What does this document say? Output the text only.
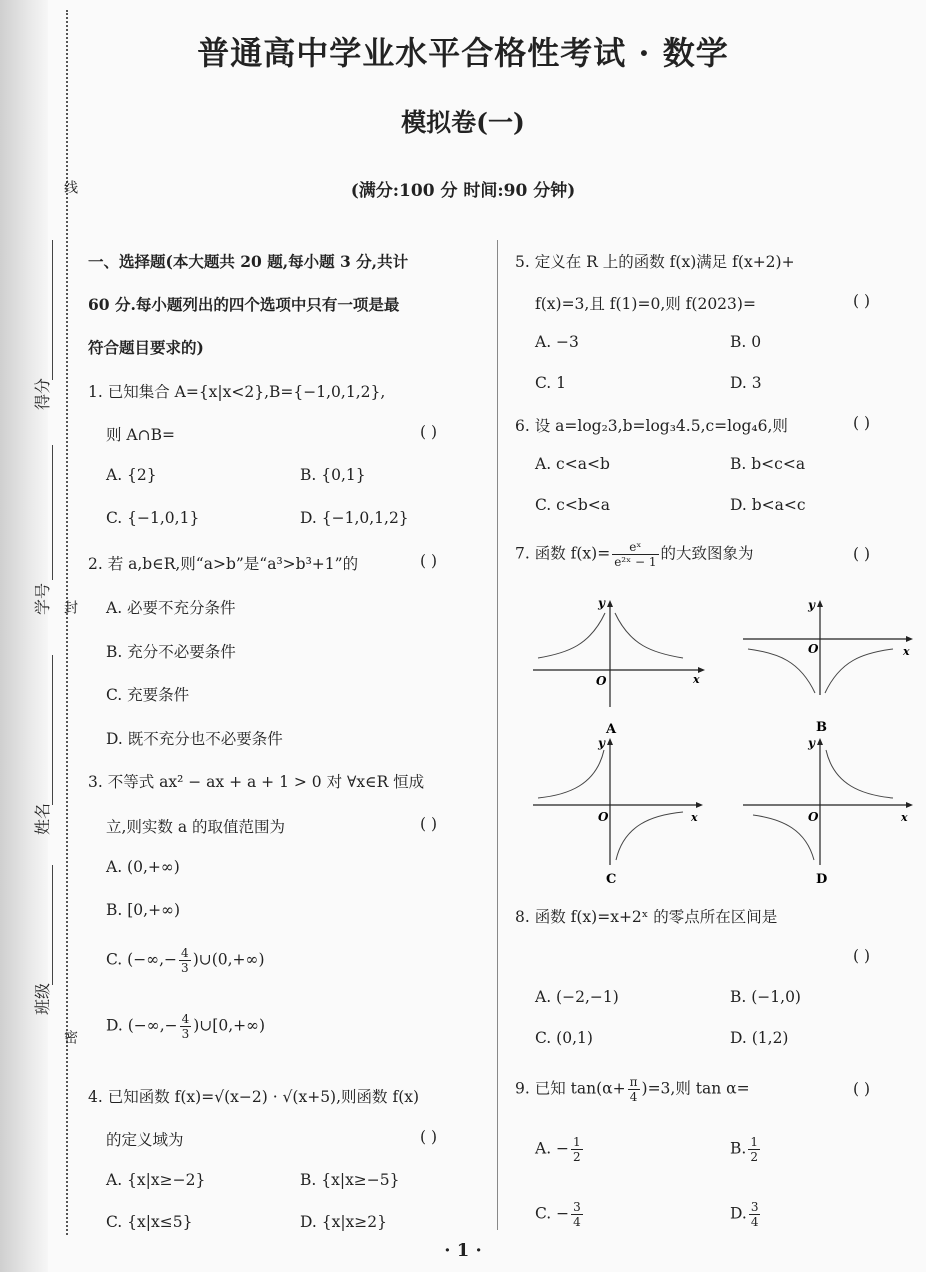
线
封
密
得分
学号
姓名
班级
普通高中学业水平合格性考试 · 数学
模拟卷(一)
(满分:100 分 时间:90 分钟)
一、选择题(本大题共 20 题,每小题 3 分,共计
60 分.每小题列出的四个选项中只有一项是最
符合题目要求的)
1. 已知集合 A={x|x<2},B={−1,0,1,2},
则 A∩B=	( )
A. {2}	B. {0,1}
C. {−1,0,1}	D. {−1,0,1,2}
2. 若 a,b∈R,则“a>b”是“a³>b³+1”的	( )
A. 必要不充分条件
B. 充分不必要条件
C. 充要条件
D. 既不充分也不必要条件
3. 不等式 ax² − ax + a + 1 > 0 对 ∀x∈R 恒成
立,则实数 a 的取值范围为	( )
A. (0,+∞)
B. [0,+∞)
C. (−∞,− $\frac{4}{3}$ )∪(0,+∞)
D. (−∞,− $\frac{4}{3}$ )∪[0,+∞)
4. 已知函数 f(x)=√(x−2) · √(x+5),则函数 f(x)
的定义域为	( )
A. {x|x≥−2}	B. {x|x≥−5}
C. {x|x≤5}	D. {x|x≥2}
5. 定义在 R 上的函数 f(x)满足 f(x+2)+
f(x)=3,且 f(1)=0,则 f(2023)=	( )
A. −3	B. 0
C. 1	D. 3
6. 设 a=log₂3,b=log₃4.5,c=log₄6,则	( )
A. c<a<b	B. b<c<a
C. c<b<a	D. b<a<c
7. 函数 $f(x)= \frac{\text{eˣ}}{\text{e²ˣ − 1}}$ 的大致图象为	( )
8. 函数 f(x)=x+2ˣ 的零点所在区间是
( )
A. (−2,−1)	B. (−1,0)
C. (0,1)	D. (1,2)
9. 已知 $\tan(\alpha+ \frac{\pi}{4} )=3$,则 tan α=	( )
A. − $\frac{1}{2}$	B. $\frac{1}{2}$
C. − $\frac{3}{4}$	D. $\frac{3}{4}$
y
x
O
A
y
x
O
B
y
x
O
C
y
x
O
D
· 1 ·
